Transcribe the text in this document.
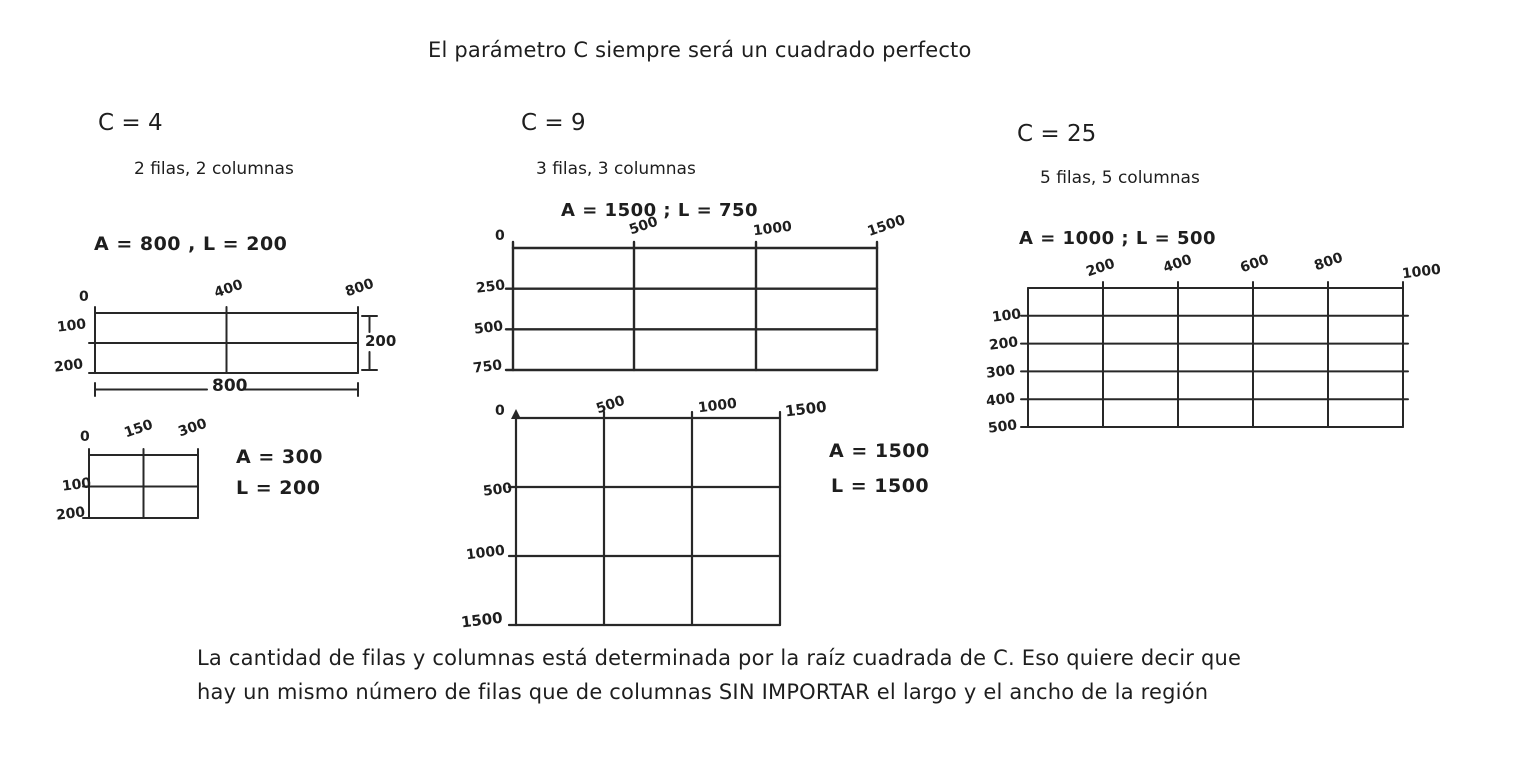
El parámetro C siempre será un cuadrado perfecto
C = 4
2 filas, 2 columnas
A = 800 , L = 200
0	400	800
100
200
200
800
0 150 300
100
200
A = 300
L = 200
C = 9
3 filas, 3 columnas
A = 1500 ; L = 750
0	500	1000	1500
250
500
750
0	500	1000	1500
500
1000
1500
A = 1500
L = 1500
C = 25
5 filas, 5 columnas
A = 1000 ; L = 500
200	400	600	800	1000
100
200
300
400
500
La cantidad de filas y columnas está determinada por la raíz cuadrada de C. Eso quiere decir que
hay un mismo número de filas que de columnas SIN IMPORTAR el largo y el ancho de la región
